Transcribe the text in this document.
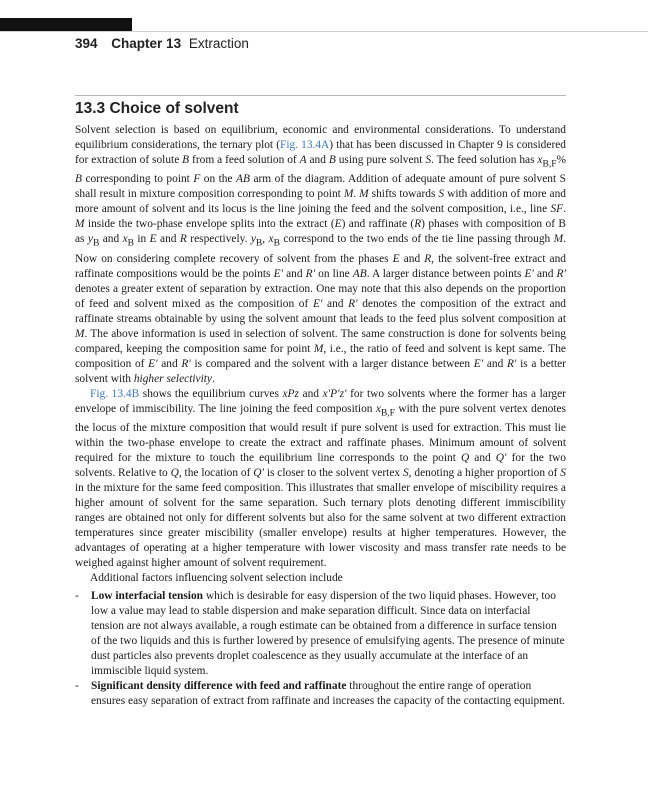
394 Chapter 13 Extraction
13.3 Choice of solvent

Solvent selection is based on equilibrium, economic and environmental considerations. To understand equilibrium considerations, the ternary plot (Fig. 13.4A) that has been discussed in Chapter 9 is considered for extraction of solute B from a feed solution of A and B using pure solvent S. The feed solution has $x_{B,F}\%$ B corresponding to point F on the AB arm of the diagram. Addition of adequate amount of pure solvent S shall result in mixture composition corresponding to point M. M shifts towards S with addition of more and more amount of solvent and its locus is the line joining the feed and the solvent composition, i.e., line SF. M inside the two-phase envelope splits into the extract (E) and raffinate (R) phases with composition of B as $y_B$ and $x_B$ in E and R respectively. $y_B$, $x_B$ correspond to the two ends of the tie line passing through M. Now on considering complete recovery of solvent from the phases E and R, the solvent-free extract and raffinate compositions would be the points E′ and R′ on line AB. A larger distance between points E′ and R′ denotes a greater extent of separation by extraction. One may note that this also depends on the proportion of feed and solvent mixed as the composition of E′ and R′ denotes the composition of the extract and raffinate streams obtainable by using the solvent amount that leads to the feed plus solvent composition at M. The above information is used in selection of solvent. The same construction is done for solvents being compared, keeping the composition same for point M, i.e., the ratio of feed and solvent is kept same. The composition of E′ and R′ is compared and the solvent with a larger distance between E′ and R′ is a better solvent with higher selectivity.

Fig. 13.4B shows the equilibrium curves xPz and x′P′z′ for two solvents where the former has a larger envelope of immiscibility. The line joining the feed composition $x_{B,F}$ with the pure solvent vertex denotes the locus of the mixture composition that would result if pure solvent is used for extraction. This must lie within the two-phase envelope to create the extract and raffinate phases. Minimum amount of solvent required for the mixture to touch the equilibrium line corresponds to the point Q and Q′ for the two solvents. Relative to Q, the location of Q′ is closer to the solvent vertex S, denoting a higher proportion of S in the mixture for the same feed composition. This illustrates that smaller envelope of miscibility requires a higher amount of solvent for the same separation. Such ternary plots denoting different immiscibility ranges are obtained not only for different solvents but also for the same solvent at two different extraction temperatures since greater miscibility (smaller envelope) results at higher temperatures. However, the advantages of operating at a higher temperature with lower viscosity and mass transfer rate needs to be weighed against higher amount of solvent requirement.

Additional factors influencing solvent selection include

- Low interfacial tension which is desirable for easy dispersion of the two liquid phases. However, too low a value may lead to stable dispersion and make separation difficult. Since data on interfacial tension are not always available, a rough estimate can be obtained from a difference in surface tension of the two liquids and this is further lowered by presence of emulsifying agents. The presence of minute dust particles also prevents droplet coalescence as they usually accumulate at the interface of an immiscible liquid system.
- Significant density difference with feed and raffinate throughout the entire range of operation ensures easy separation of extract from raffinate and increases the capacity of the contacting equipment.
